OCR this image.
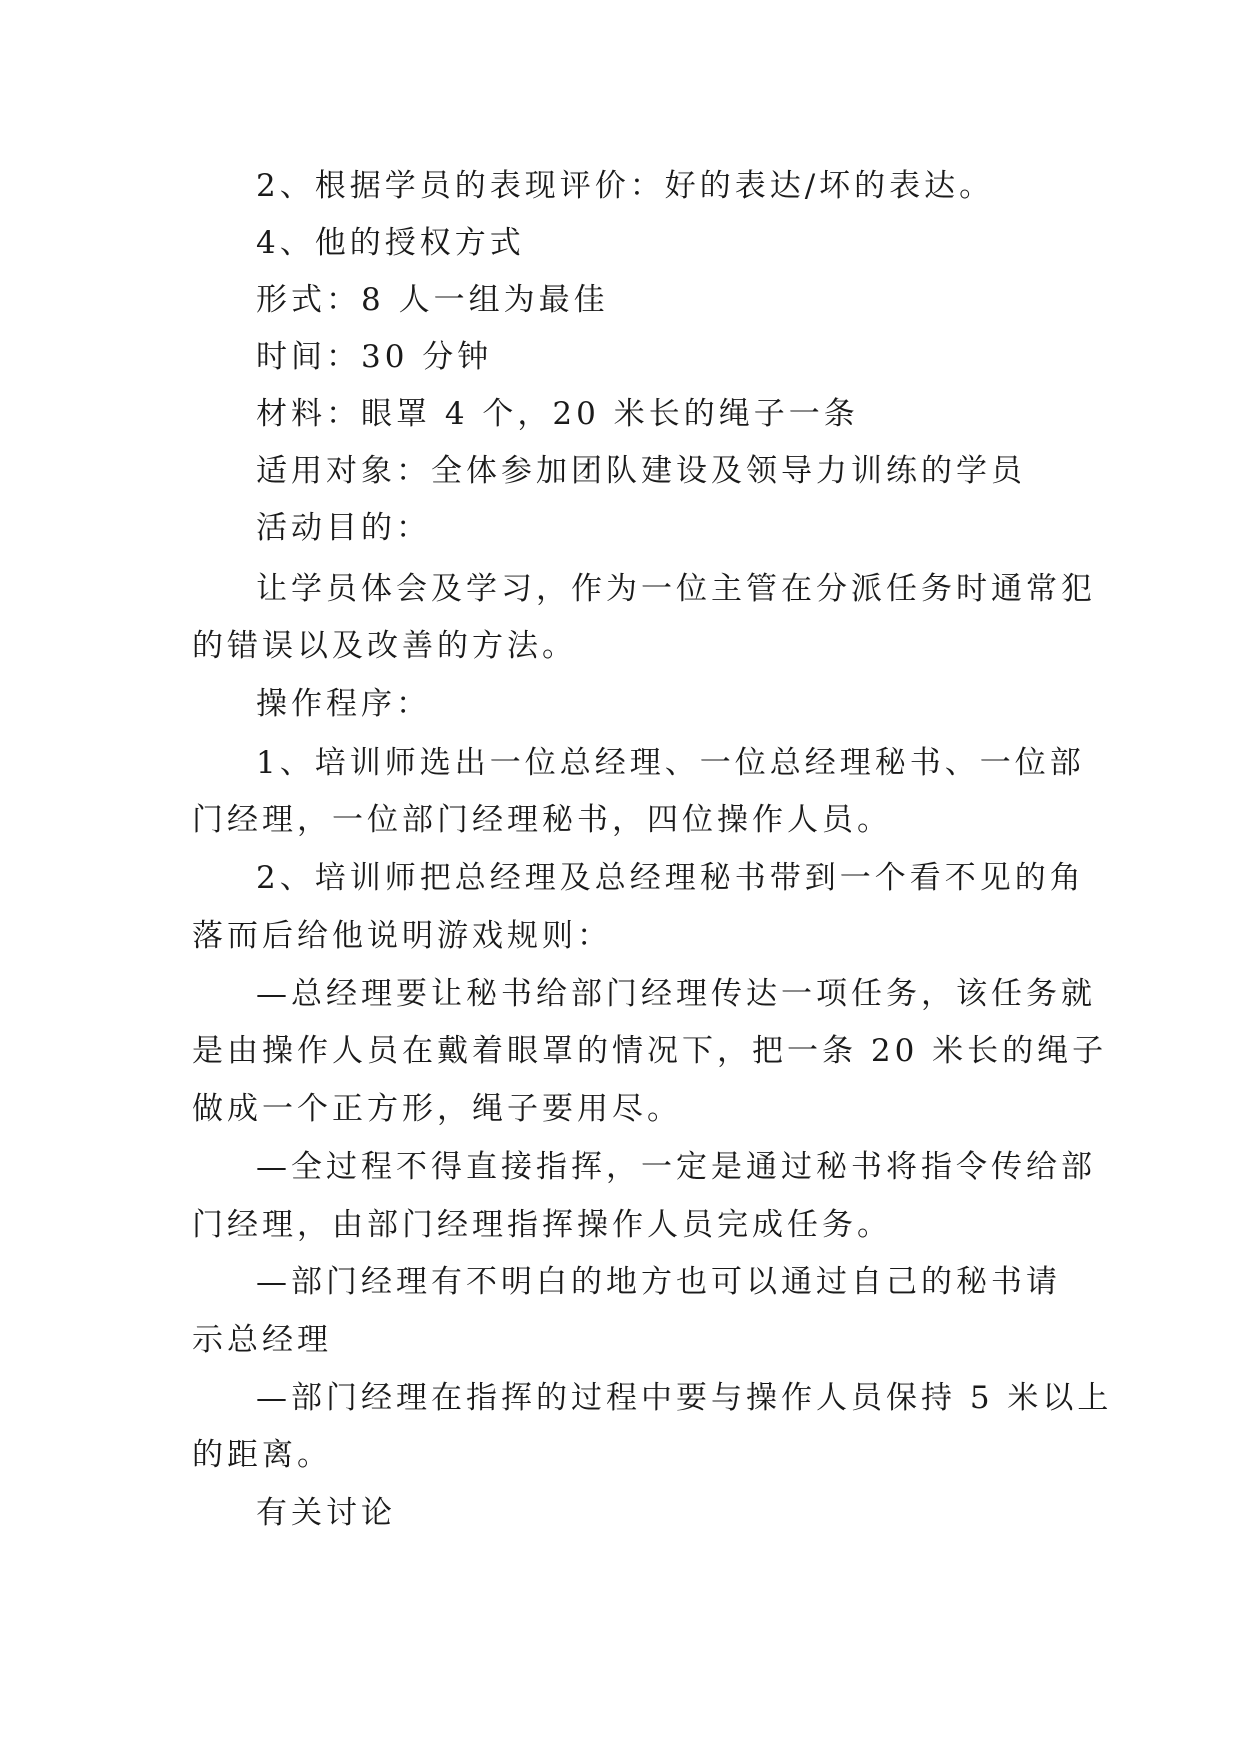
2、根据学员的表现评价：好的表达/坏的表达。
4、他的授权方式
形式：8 人一组为最佳
时间：30 分钟
材料：眼罩 4 个，20 米长的绳子一条
适用对象：全体参加团队建设及领导力训练的学员
活动目的：
让学员体会及学习，作为一位主管在分派任务时通常犯
的错误以及改善的方法。
操作程序：
1、培训师选出一位总经理、一位总经理秘书、一位部
门经理，一位部门经理秘书，四位操作人员。
2、培训师把总经理及总经理秘书带到一个看不见的角
落而后给他说明游戏规则：
—总经理要让秘书给部门经理传达一项任务，该任务就
是由操作人员在戴着眼罩的情况下，把一条 20 米长的绳子
做成一个正方形，绳子要用尽。
—全过程不得直接指挥，一定是通过秘书将指令传给部
门经理，由部门经理指挥操作人员完成任务。
—部门经理有不明白的地方也可以通过自己的秘书请
示总经理
—部门经理在指挥的过程中要与操作人员保持 5 米以上
的距离。
有关讨论
